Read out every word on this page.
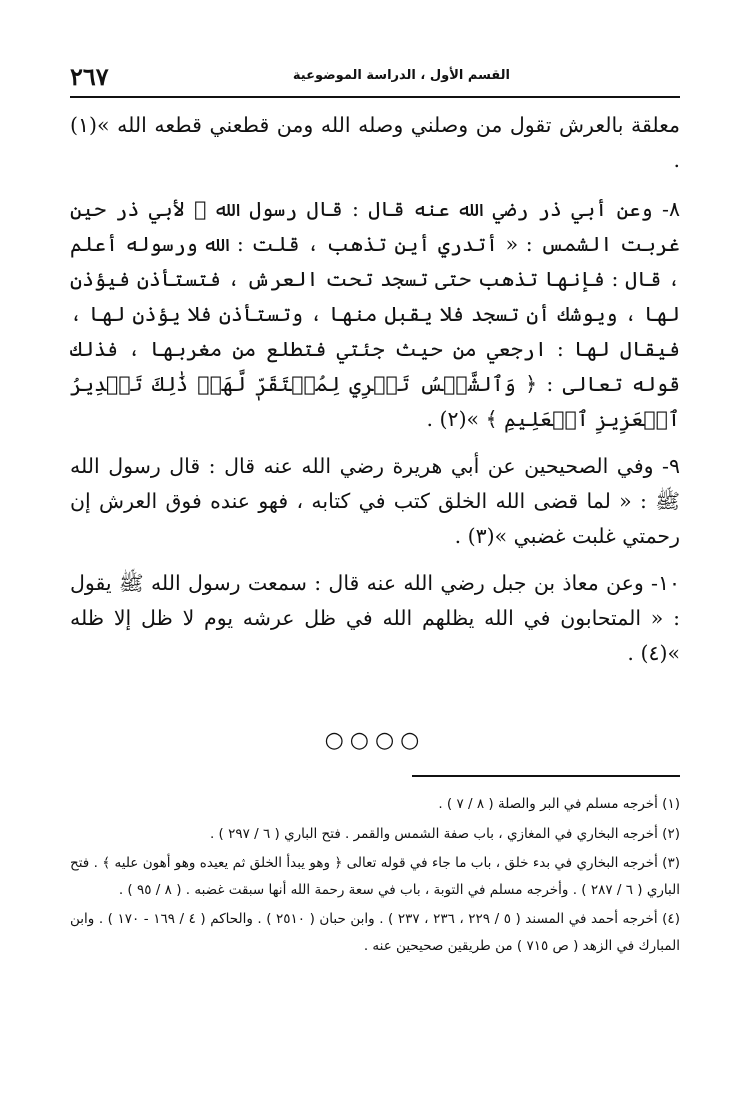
القسم الأول ، الدراسة الموضوعية
٢٦٧

معلقة بالعرش تقول من وصلني وصله الله ومن قطعني قطعه الله »(١) .

٨- وعن أبي ذر رضي الله عنه قال : قال رسول الله ﷺ لأبي ذر حين غربت الشمس : « أتدري أين تذهب ، قلت : الله ورسوله أعلم ، قال : فإنها تذهب حتى تسجد تحت العرش ، فتستأذن فيؤذن لها ، ويوشك أن تسجد فلا يقبل منها ، وتستأذن فلا يؤذن لها ، فيقال لها : ارجعي من حيث جئتي فتطلع من مغربها ، فذلك قوله تعالى : ﴿ وَٱلشَّمۡسُ تَجۡرِي لِمُسۡتَقَرّٖ لَّهَاۚ ذَٰلِكَ تَقۡدِيرُ ٱلۡعَزِيزِ ٱلۡعَلِيمِ ﴾ »(٢) .

٩- وفي الصحيحين عن أبي هريرة رضي الله عنه قال : قال رسول الله ﷺ : « لما قضى الله الخلق كتب في كتابه ، فهو عنده فوق العرش إن رحمتي غلبت غضبي »(٣) .

١٠- وعن معاذ بن جبل رضي الله عنه قال : سمعت رسول الله ﷺ يقول : « المتحابون في الله يظلهم الله في ظل عرشه يوم لا ظل إلا ظله »(٤) .

○○○○

(١) أخرجه مسلم في البر والصلة ( ٨ / ٧ ) .

(٢) أخرجه البخاري في المغازي ، باب صفة الشمس والقمر . فتح الباري ( ٦ / ٢٩٧ ) .

(٣) أخرجه البخاري في بدء خلق ، باب ما جاء في قوله تعالى ﴿ وهو يبدأ الخلق ثم يعيده وهو أهون عليه ﴾ . فتح الباري ( ٦ / ٢٨٧ ) . وأخرجه مسلم في التوبة ، باب في سعة رحمة الله أنها سبقت غضبه . ( ٨ / ٩٥ ) .

(٤) أخرجه أحمد في المسند ( ٥ / ٢٢٩ ، ٢٣٦ ، ٢٣٧ ) . وابن حبان ( ٢٥١٠ ) . والحاكم ( ٤ / ١٦٩ - ١٧٠ ) . وابن المبارك في الزهد ( ص ٧١٥ ) من طريقين صحيحين عنه .
